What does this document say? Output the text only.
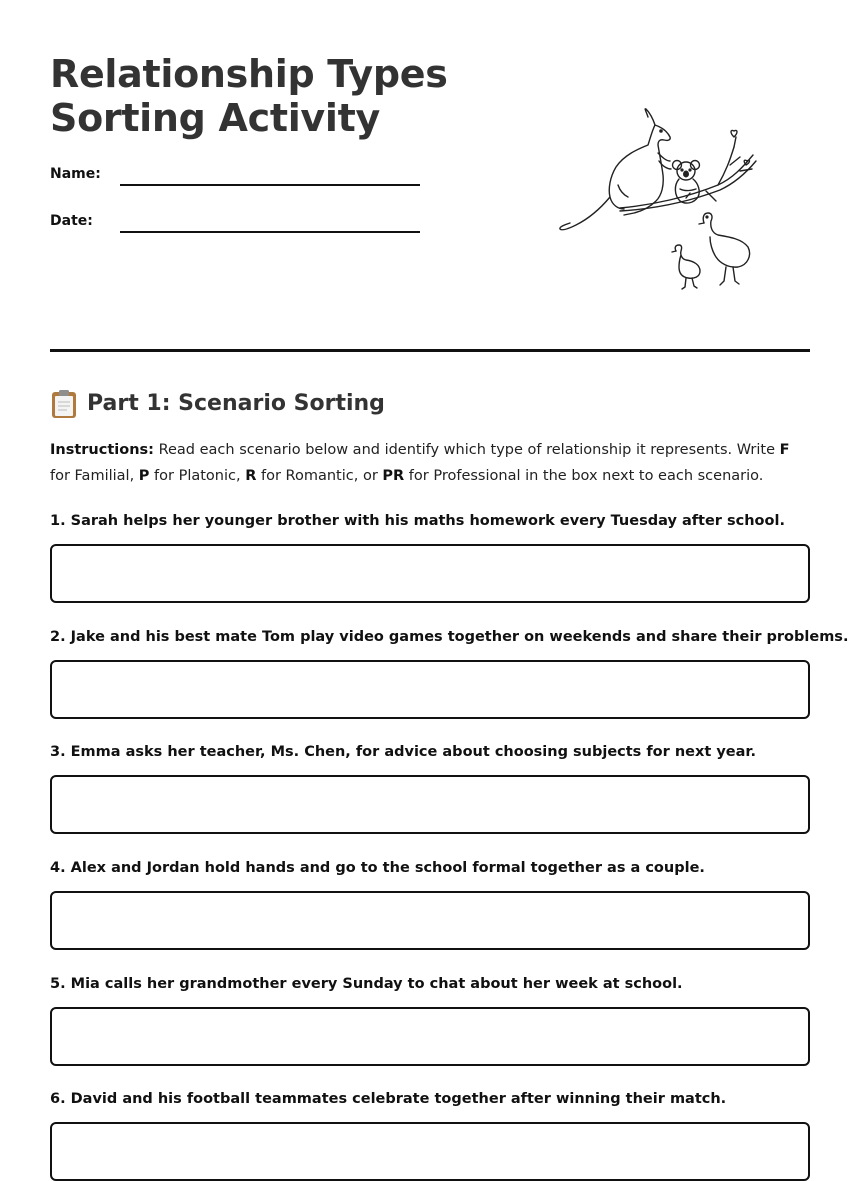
Relationship Types
Sorting Activity
Name:
Date:
Part 1: Scenario Sorting

Instructions: Read each scenario below and identify which type of relationship it represents. Write F for Familial, P for Platonic, R for Romantic, or PR for Professional in the box next to each scenario.

1. Sarah helps her younger brother with his maths homework every Tuesday after school.
2. Jake and his best mate Tom play video games together on weekends and share their problems.
3. Emma asks her teacher, Ms. Chen, for advice about choosing subjects for next year.
4. Alex and Jordan hold hands and go to the school formal together as a couple.
5. Mia calls her grandmother every Sunday to chat about her week at school.
6. David and his football teammates celebrate together after winning their match.
